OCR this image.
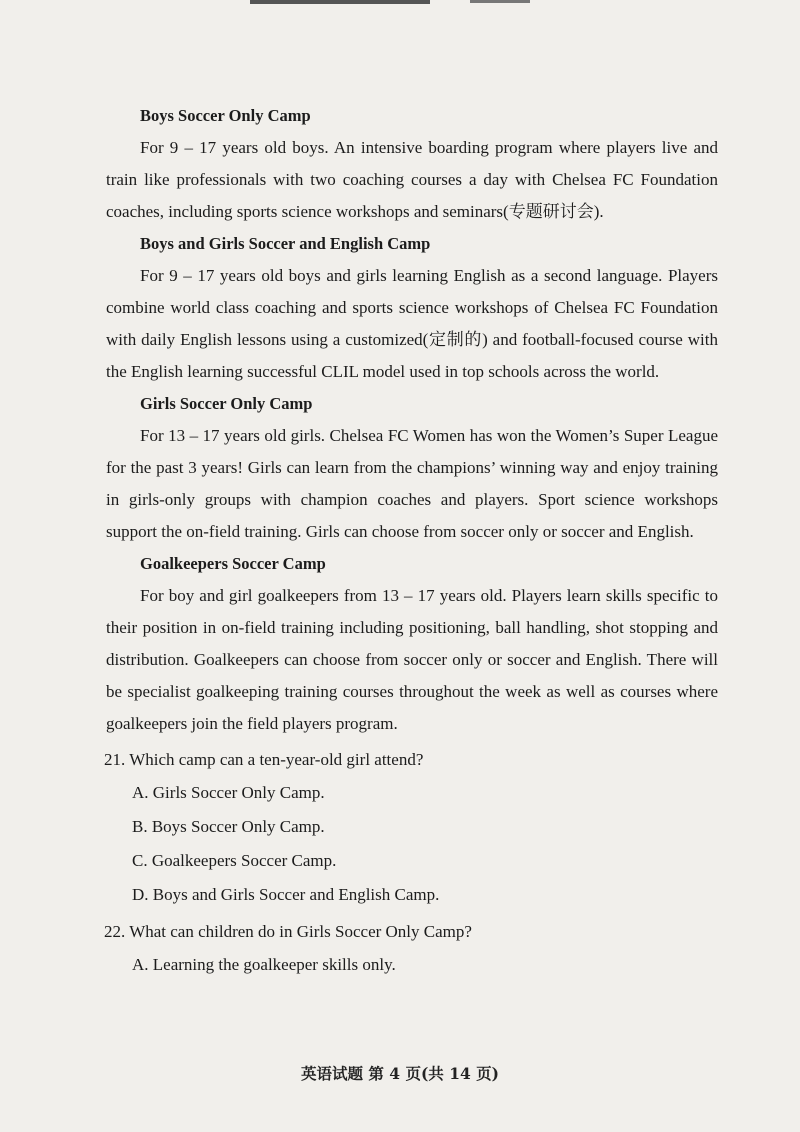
Boys Soccer Only Camp

For 9 – 17 years old boys. An intensive boarding program where players live and train like professionals with two coaching courses a day with Chelsea FC Foundation coaches, including sports science workshops and seminars(专题研讨会).

Boys and Girls Soccer and English Camp

For 9 – 17 years old boys and girls learning English as a second language. Players combine world class coaching and sports science workshops of Chelsea FC Foundation with daily English lessons using a customized(定制的) and football-focused course with the English learning successful CLIL model used in top schools across the world.

Girls Soccer Only Camp

For 13 – 17 years old girls. Chelsea FC Women has won the Women’s Super League for the past 3 years! Girls can learn from the champions’ winning way and enjoy training in girls-only groups with champion coaches and players. Sport science workshops support the on-field training. Girls can choose from soccer only or soccer and English.

Goalkeepers Soccer Camp

For boy and girl goalkeepers from 13 – 17 years old. Players learn skills specific to their position in on-field training including positioning, ball handling, shot stopping and distribution. Goalkeepers can choose from soccer only or soccer and English. There will be specialist goalkeeping training courses throughout the week as well as courses where goalkeepers join the field players program.

21. Which camp can a ten-year-old girl attend?

A. Girls Soccer Only Camp.

B. Boys Soccer Only Camp.

C. Goalkeepers Soccer Camp.

D. Boys and Girls Soccer and English Camp.

22. What can children do in Girls Soccer Only Camp?

A. Learning the goalkeeper skills only.

英语试题 第 4 页(共 14 页)
